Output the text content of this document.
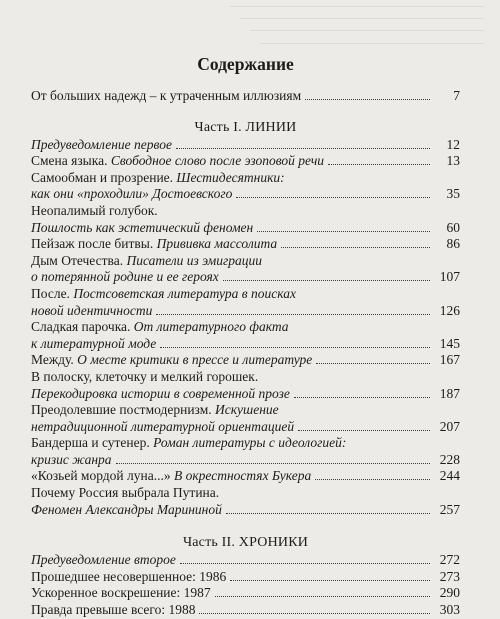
Содержание
От больших надежд – к утраченным иллюзиям	7
Часть I. ЛИНИИ
Предуведомление первое	12
Смена языка. Свободное слово после эзоповой речи	13
Самообман и прозрение. Шестидесятники:
как они «проходили» Достоевского	35
Неопалимый голубок.
Пошлость как эстетический феномен	60
Пейзаж после битвы. Прививка массолита	86
Дым Отечества. Писатели из эмиграции
о потерянной родине и ее героях	107
После. Постсоветская литература в поисках
новой идентичности	126
Сладкая парочка. От литературного факта
к литературной моде	145
Между. О месте критики в прессе и литературе	167
В полоску, клеточку и мелкий горошек.
Перекодировка истории в современной прозе	187
Преодолевшие постмодернизм. Искушение
нетрадиционной литературной ориентацией	207
Бандерша и сутенер. Роман литературы с идеологией:
кризис жанра	228
«Козьей мордой луна...» В окрестностях Букера	244
Почему Россия выбрала Путина.
Феномен Александры Марининой	257
Часть II. ХРОНИКИ
Предуведомление второе	272
Прошедшее несовершенное: 1986	273
Ускоренное воскрешение: 1987	290
Правда превыше всего: 1988	303
